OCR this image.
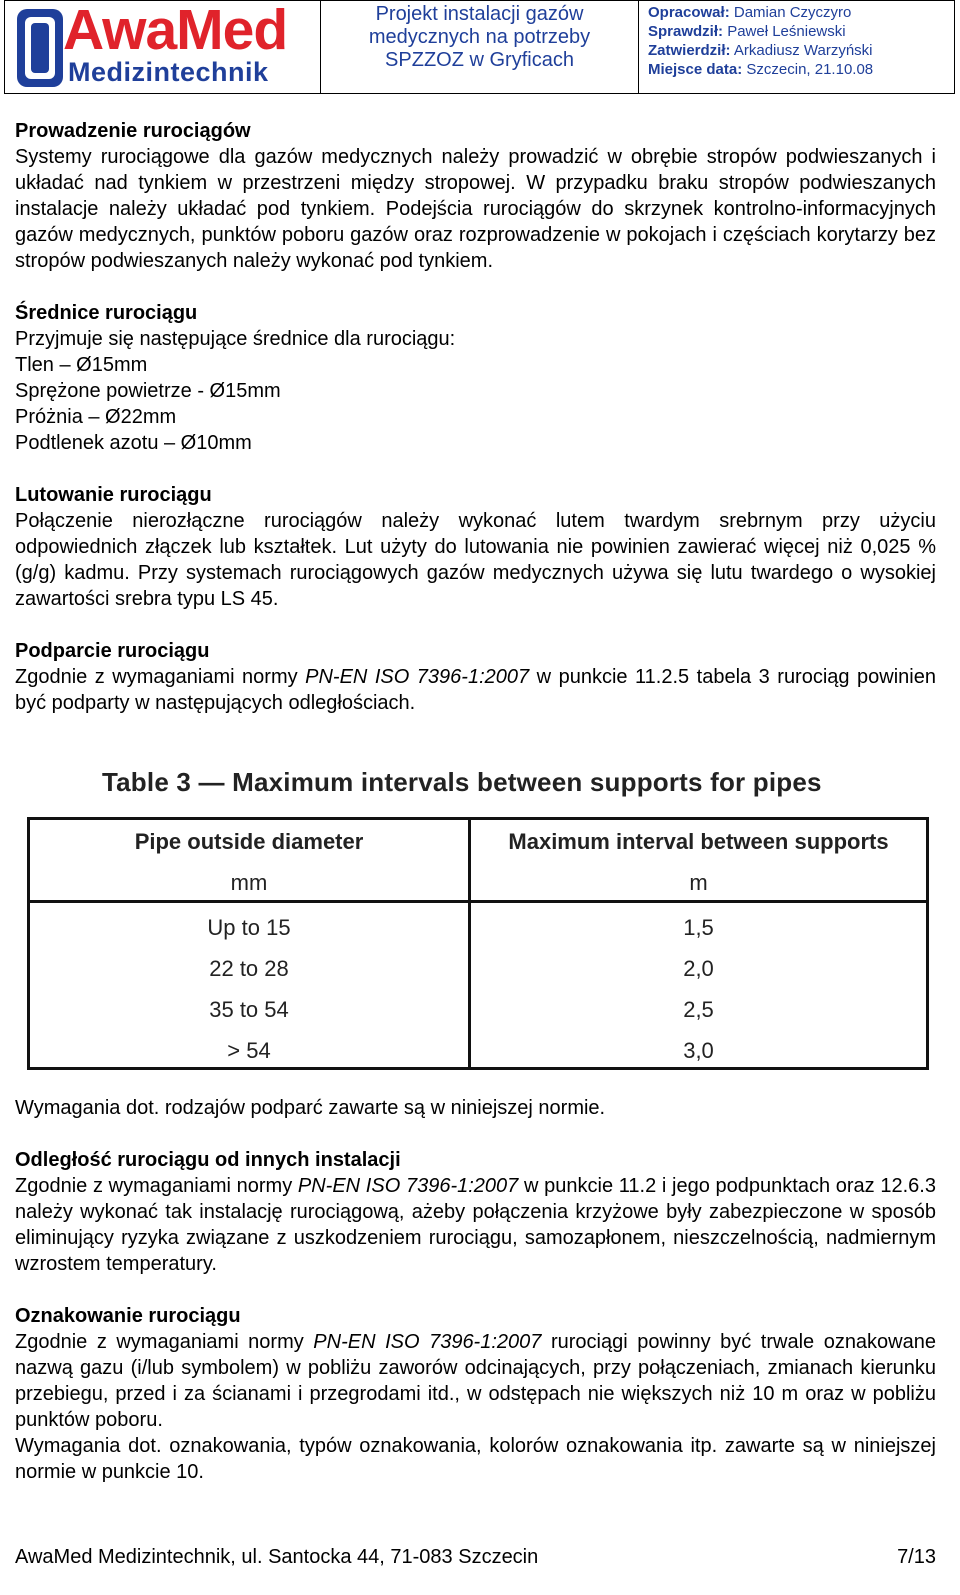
AwaMed
Medizintechnik
Projekt instalacji gazów
medycznych na potrzeby
SPZZOZ w Gryficach
Opracował: Damian Czyczyro
Sprawdził: Paweł Leśniewski
Zatwierdził: Arkadiusz Warzyński
Miejsce data: Szczecin, 21.10.08
Prowadzenie rurociągów

Systemy rurociągowe dla gazów medycznych należy prowadzić w obrębie stropów podwieszanych i układać nad tynkiem w przestrzeni między stropowej. W przypadku braku stropów podwieszanych instalacje należy układać pod tynkiem. Podejścia rurociągów do skrzynek kontrolno-informacyjnych gazów medycznych, punktów poboru gazów oraz rozprowadzenie w pokojach i częściach korytarzy bez stropów podwieszanych należy wykonać pod tynkiem.

Średnice rurociągu
Przyjmuje się następujące średnice dla rurociągu:
Tlen – Ø15mm
Sprężone powietrze - Ø15mm
Próżnia – Ø22mm
Podtlenek azotu – Ø10mm
Lutowanie rurociągu

Połączenie nierozłączne rurociągów należy wykonać lutem twardym srebrnym przy użyciu odpowiednich złączek lub kształtek. Lut użyty do lutowania nie powinien zawierać więcej niż 0,025 % (g/g) kadmu. Przy systemach rurociągowych gazów medycznych używa się lutu twardego o wysokiej zawartości srebra typu LS 45.

Podparcie rurociągu

Zgodnie z wymaganiami normy PN-EN ISO 7396-1:2007 w punkcie 11.2.5 tabela 3 rurociąg powinien być podparty w następujących odległościach.

Table 3 — Maximum intervals between supports for pipes
Pipe outside diameter
mm
Up to 15
22 to 28
35 to 54
> 54
Maximum interval between supports
m
1,5
2,0
2,5
3,0

Wymagania dot. rodzajów podparć zawarte są w niniejszej normie.

Odległość rurociągu od innych instalacji

Zgodnie z wymaganiami normy PN-EN ISO 7396-1:2007 w punkcie 11.2 i jego podpunktach oraz 12.6.3 należy wykonać tak instalację rurociągową, ażeby połączenia krzyżowe były zabezpieczone w sposób eliminujący ryzyka związane z uszkodzeniem rurociągu, samozapłonem, nieszczelnością, nadmiernym wzrostem temperatury.

Oznakowanie rurociągu

Zgodnie z wymaganiami normy PN-EN ISO 7396-1:2007 rurociągi powinny być trwale oznakowane nazwą gazu (i/lub symbolem) w pobliżu zaworów odcinających, przy połączeniach, zmianach kierunku przebiegu, przed i za ścianami i przegrodami itd., w odstępach nie większych niż 10 m oraz w pobliżu punktów poboru.

Wymagania dot. oznakowania, typów oznakowania, kolorów oznakowania itp. zawarte są w niniejszej normie w punkcie 10.

AwaMed Medizintechnik, ul. Santocka 44, 71-083 Szczecin	7/13
